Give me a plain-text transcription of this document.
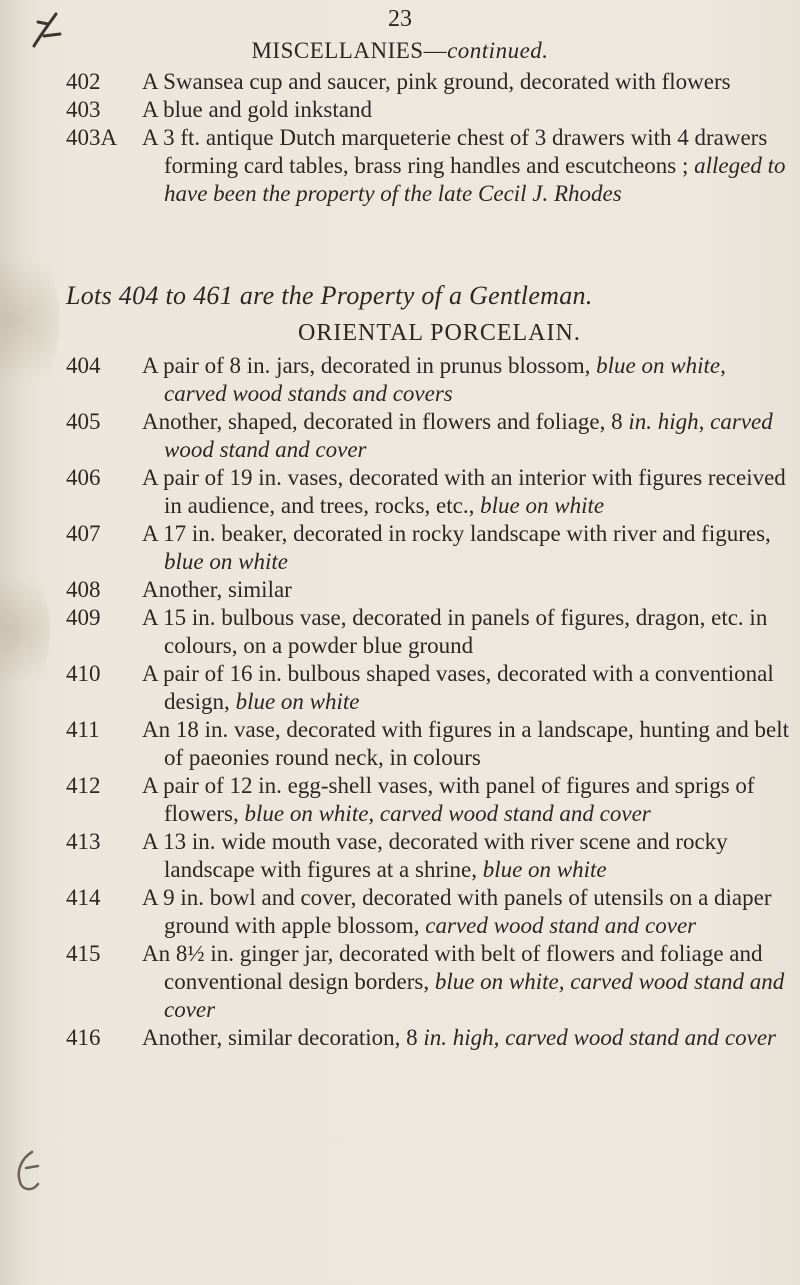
23
MISCELLANIES—continued.
402 A Swansea cup and saucer, pink ground, decorated with flowers
403 A blue and gold inkstand
403A A 3 ft. antique Dutch marqueterie chest of 3 drawers with 4 drawers forming card tables, brass ring handles and escutcheons ; alleged to have been the property of the late Cecil J. Rhodes
Lots 404 to 461 are the Property of a Gentleman.
ORIENTAL PORCELAIN.
404 A pair of 8 in. jars, decorated in prunus blossom, blue on white, carved wood stands and covers
405 Another, shaped, decorated in flowers and foliage, 8 in. high, carved wood stand and cover
406 A pair of 19 in. vases, decorated with an interior with figures received in audience, and trees, rocks, etc., blue on white
407 A 17 in. beaker, decorated in rocky landscape with river and figures, blue on white
408 Another, similar
409 A 15 in. bulbous vase, decorated in panels of figures, dragon, etc. in colours, on a powder blue ground
410 A pair of 16 in. bulbous shaped vases, decorated with a conventional design, blue on white
411 An 18 in. vase, decorated with figures in a landscape, hunting and belt of paeonies round neck, in colours
412 A pair of 12 in. egg-shell vases, with panel of figures and sprigs of flowers, blue on white, carved wood stand and cover
413 A 13 in. wide mouth vase, decorated with river scene and rocky landscape with figures at a shrine, blue on white
414 A 9 in. bowl and cover, decorated with panels of utensils on a diaper ground with apple blossom, carved wood stand and cover
415 An 8½ in. ginger jar, decorated with belt of flowers and foliage and conventional design borders, blue on white, carved wood stand and cover
416 Another, similar decoration, 8 in. high, carved wood stand and cover
